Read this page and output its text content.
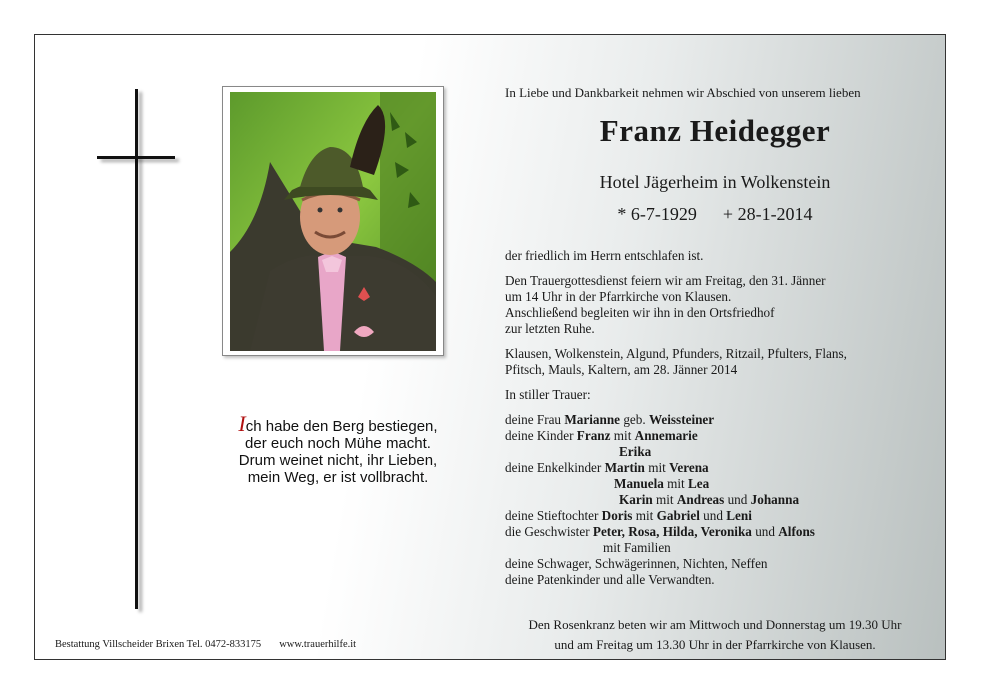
Ich habe den Berg bestiegen,
der euch noch Mühe macht.
Drum weinet nicht, ihr Lieben,
mein Weg, er ist vollbracht.
Bestattung Villscheider Brixen Tel. 0472-833175 www.trauerhilfe.it
In Liebe und Dankbarkeit nehmen wir Abschied von unserem lieben
Franz Heidegger
Hotel Jägerheim in Wolkenstein
* 6-7-1929 + 28-1-2014

der friedlich im Herrn entschlafen ist.

Den Trauergottesdienst feiern wir am Freitag, den 31. Jänner
um 14 Uhr in der Pfarrkirche von Klausen.
Anschließend begleiten wir ihn in den Ortsfriedhof
zur letzten Ruhe.

Klausen, Wolkenstein, Algund, Pfunders, Ritzail, Pfulters, Flans,
Pfitsch, Mauls, Kaltern, am 28. Jänner 2014

In stiller Trauer:

deine Frau Marianne geb. Weissteiner
deine Kinder Franz mit Annemarie
Erika
deine Enkelkinder Martin mit Verena
Manuela mit Lea
Karin mit Andreas und Johanna
deine Stieftochter Doris mit Gabriel und Leni
die Geschwister Peter, Rosa, Hilda, Veronika und Alfons
mit Familien
deine Schwager, Schwägerinnen, Nichten, Neffen
deine Patenkinder und alle Verwandten.
Den Rosenkranz beten wir am Mittwoch und Donnerstag um 19.30 Uhr
und am Freitag um 13.30 Uhr in der Pfarrkirche von Klausen.
